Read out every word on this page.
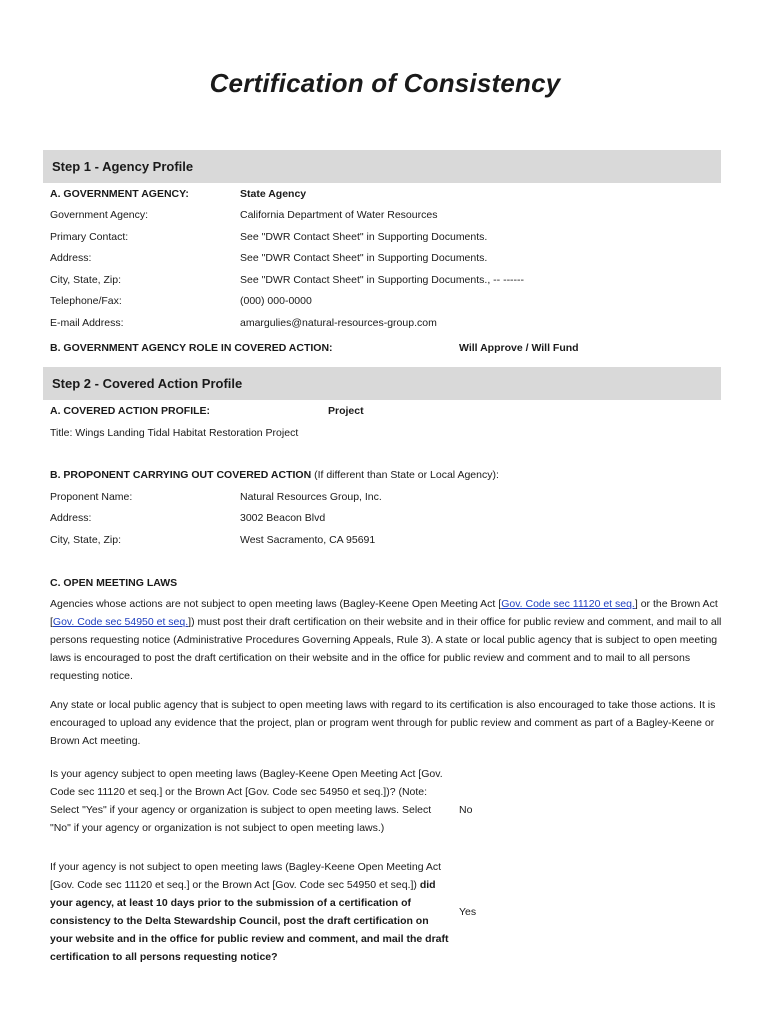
Certification of Consistency
Step 1 - Agency Profile
A. GOVERNMENT AGENCY:	State Agency
Government Agency:	California Department of Water Resources
Primary Contact:	See "DWR Contact Sheet" in Supporting Documents.
Address:	See "DWR Contact Sheet" in Supporting Documents.
City, State, Zip:	See "DWR Contact Sheet" in Supporting Documents., -- ------
Telephone/Fax:	(000) 000-0000
E-mail Address:	amargulies@natural-resources-group.com
B. GOVERNMENT AGENCY ROLE IN COVERED ACTION:	Will Approve / Will Fund
Step 2 - Covered Action Profile
A. COVERED ACTION PROFILE:	Project
Title: Wings Landing Tidal Habitat Restoration Project
B. PROPONENT CARRYING OUT COVERED ACTION (If different than State or Local Agency):
Proponent Name:	Natural Resources Group, Inc.
Address:	3002 Beacon Blvd
City, State, Zip:	West Sacramento, CA 95691
C. OPEN MEETING LAWS
Agencies whose actions are not subject to open meeting laws (Bagley-Keene Open Meeting Act [Gov. Code sec 11120 et seq.] or the Brown Act [Gov. Code sec 54950 et seq.]) must post their draft certification on their website and in their office for public review and comment, and mail to all persons requesting notice (Administrative Procedures Governing Appeals, Rule 3). A state or local public agency that is subject to open meeting laws is encouraged to post the draft certification on their website and in the office for public review and comment and to mail to all persons requesting notice.
Any state or local public agency that is subject to open meeting laws with regard to its certification is also encouraged to take those actions. It is encouraged to upload any evidence that the project, plan or program went through for public review and comment as part of a Bagley-Keene or Brown Act meeting.
Is your agency subject to open meeting laws (Bagley-Keene Open Meeting Act [Gov. Code sec 11120 et seq.] or the Brown Act [Gov. Code sec 54950 et seq.])? (Note: Select "Yes" if your agency or organization is subject to open meeting laws. Select "No" if your agency or organization is not subject to open meeting laws.)
No
If your agency is not subject to open meeting laws (Bagley-Keene Open Meeting Act [Gov. Code sec 11120 et seq.] or the Brown Act [Gov. Code sec 54950 et seq.]) did your agency, at least 10 days prior to the submission of a certification of consistency to the Delta Stewardship Council, post the draft certification on your website and in the office for public review and comment, and mail the draft certification to all persons requesting notice?
Yes
